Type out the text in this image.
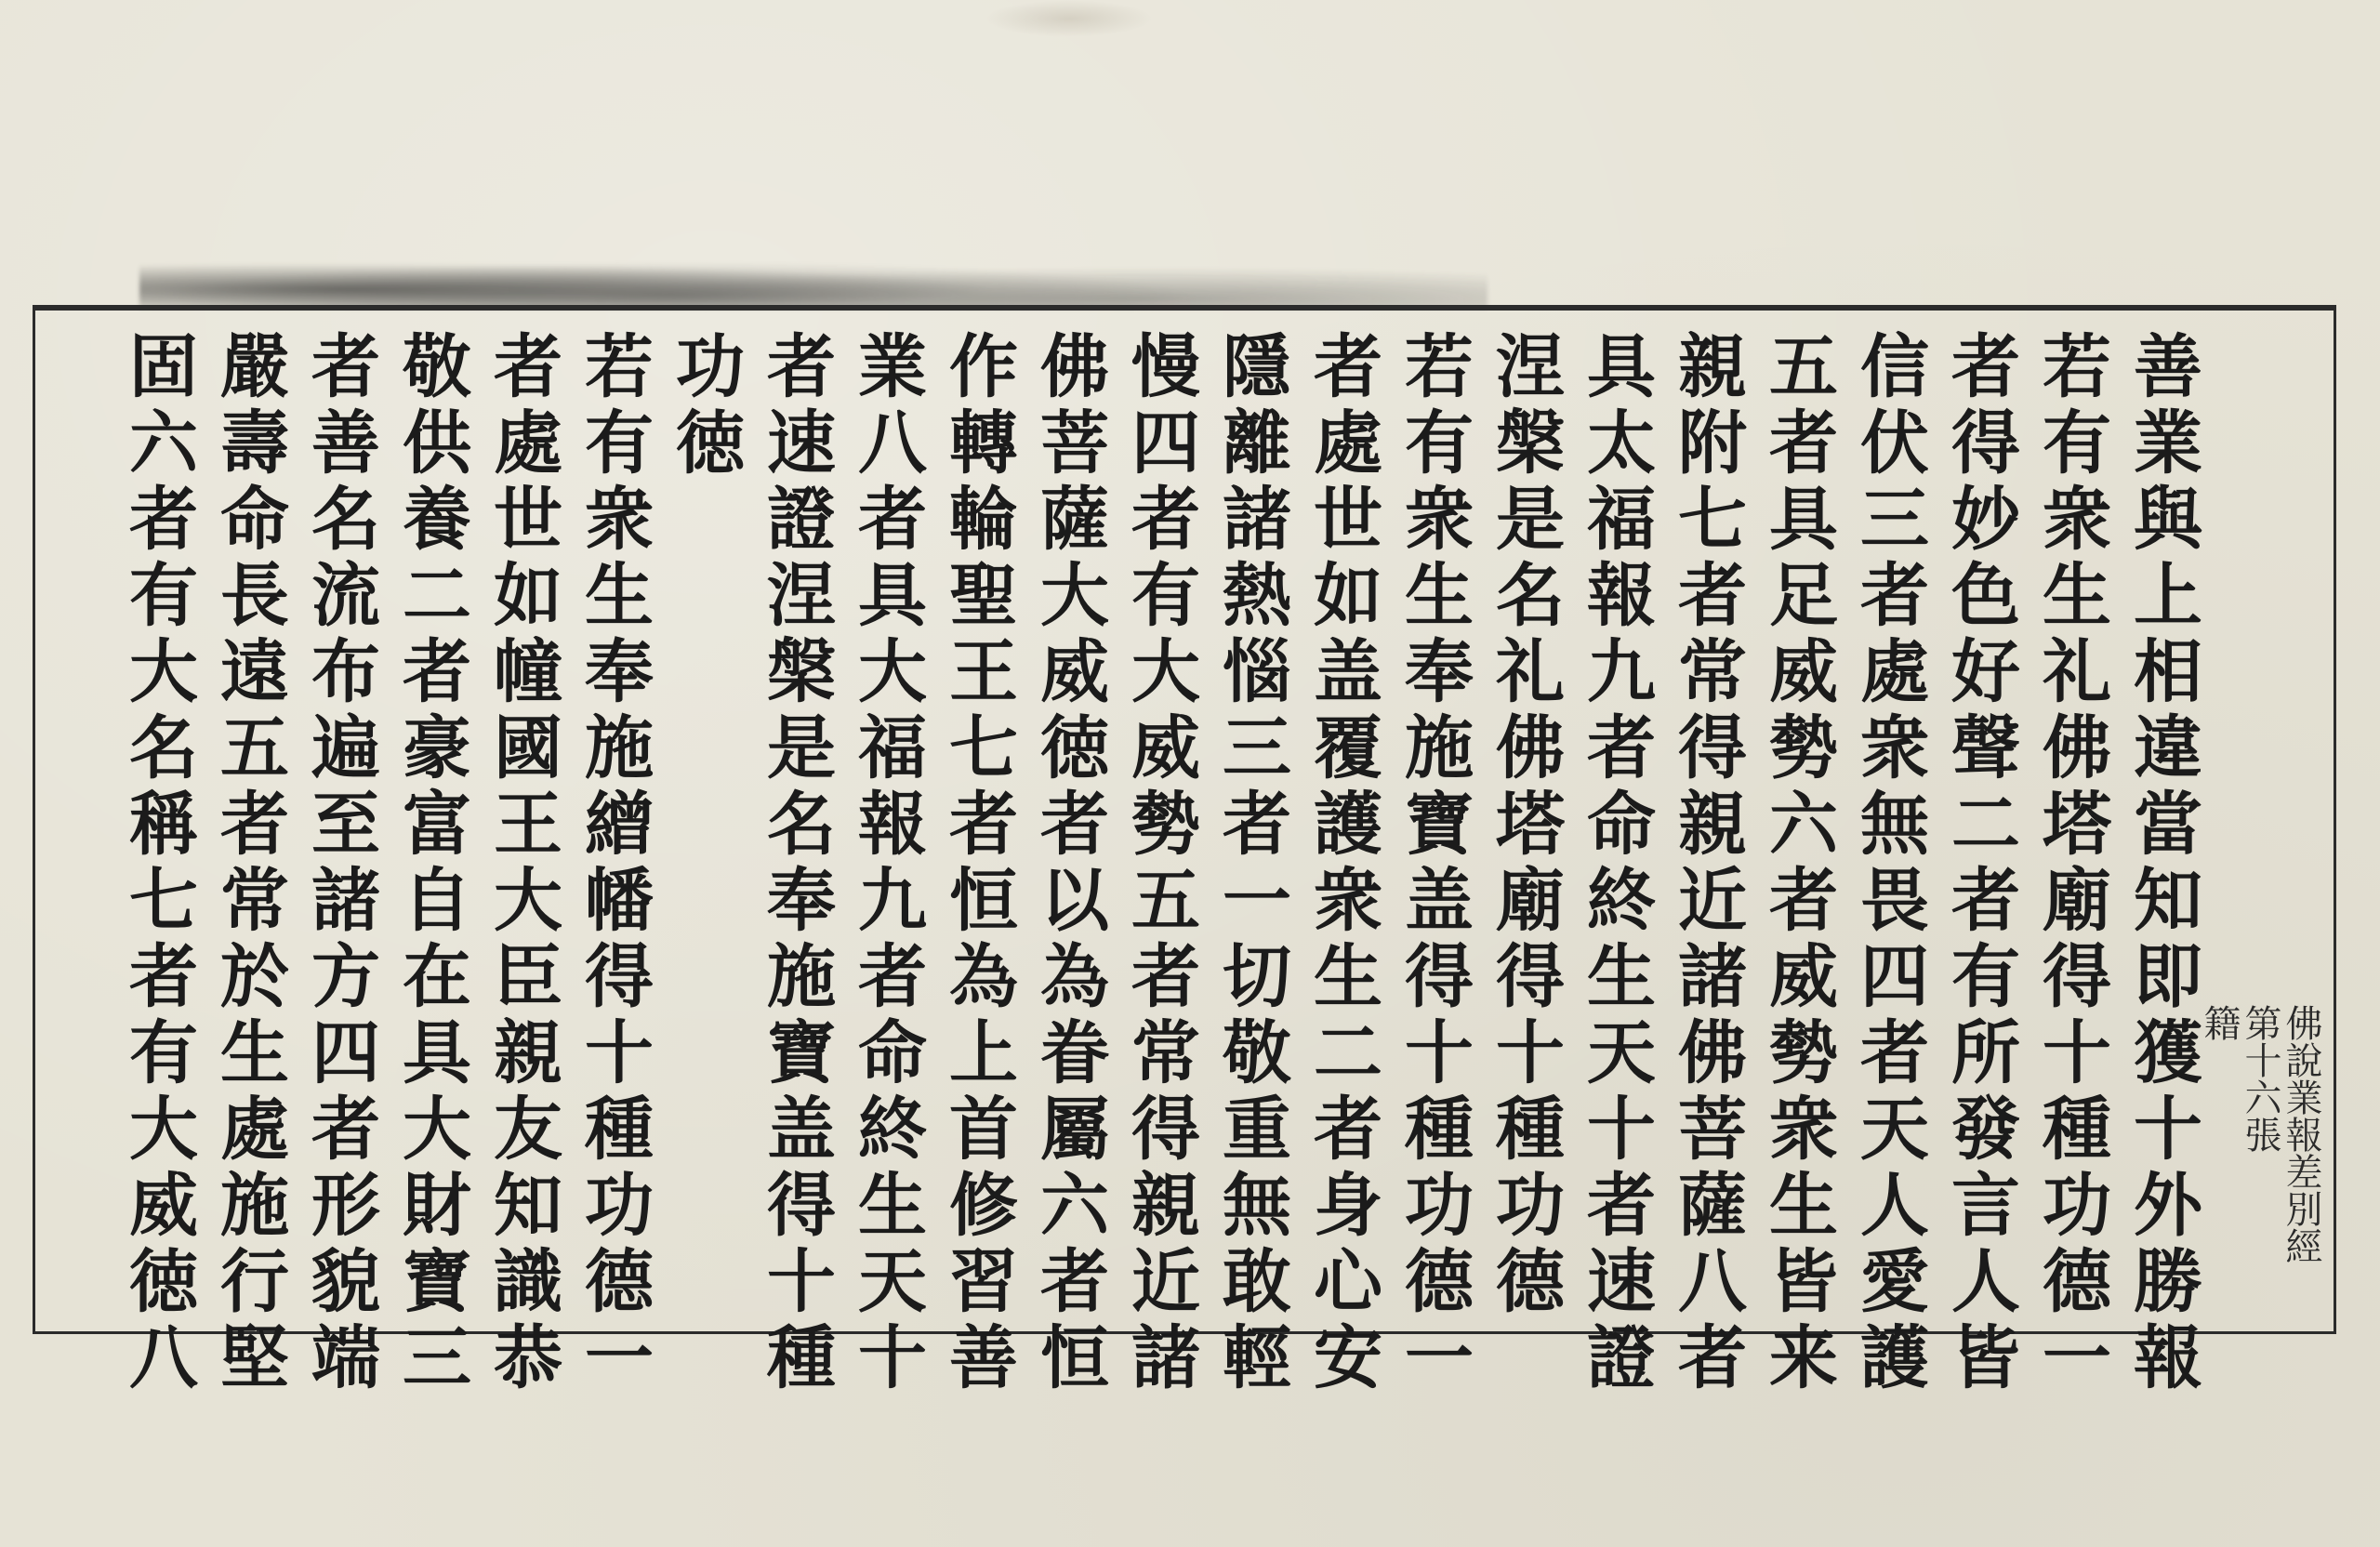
佛說業報差別經
第十六張
籍
善業與上相違當知即獲十外勝報
若有衆生礼佛塔廟得十種功德一
者得妙色好聲二者有所發言人皆
信伏三者處衆無畏四者天人愛護
五者具足威勢六者威勢衆生皆来
親附七者常得親近諸佛菩薩八者
具太福報九者命終生天十者速證
涅槃是名礼佛塔廟得十種功德
若有衆生奉施寶盖得十種功德一
者處世如盖覆護衆生二者身心安
隱離諸熱惱三者一切敬重無敢輕
慢四者有大威勢五者常得親近諸
佛菩薩大威徳者以為眷屬六者恒
作轉輪聖王七者恒為上首修習善
業八者具大福報九者命終生天十
者速證涅槃是名奉施寶盖得十種
功徳
若有衆生奉施繒幡得十種功德一
者處世如幢國王大臣親友知識恭
敬供養二者豪富自在具大財寶三
者善名流布遍至諸方四者形貌端
嚴壽命長遠五者常於生處施行堅
固六者有大名稱七者有大威徳八
